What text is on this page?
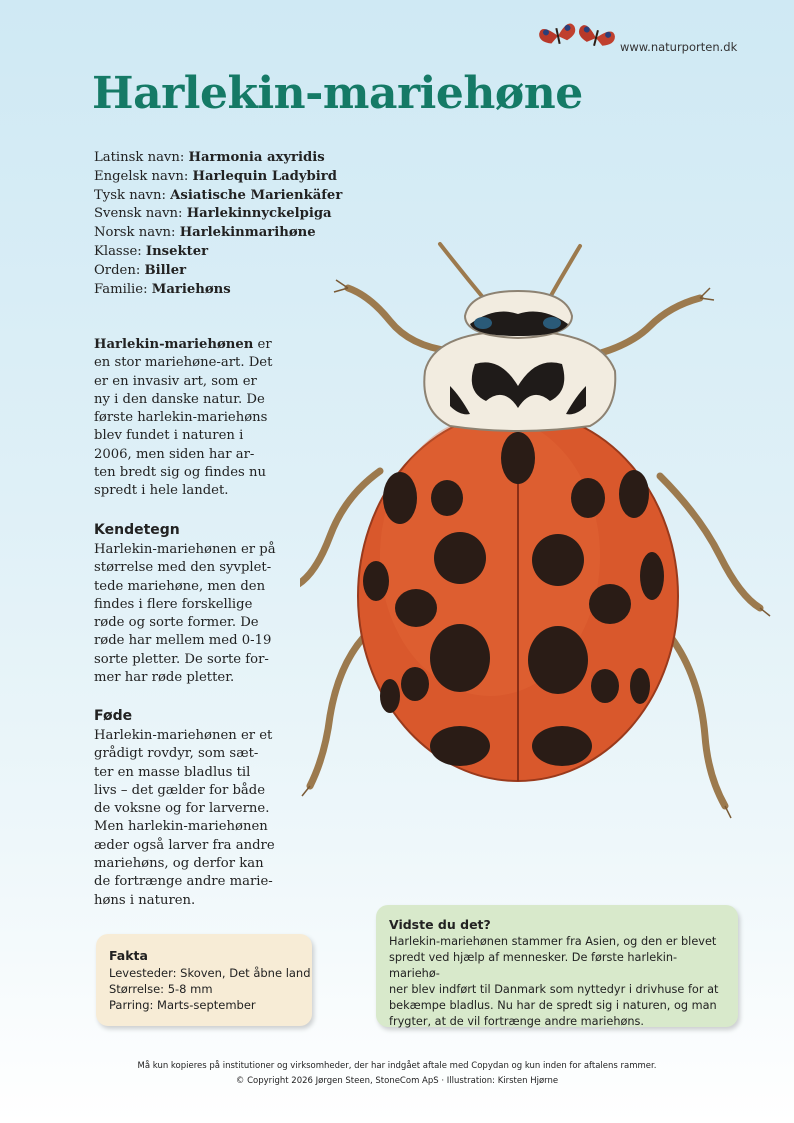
www.naturporten.dk
Harlekin-mariehøne
Latinsk navn: Harmonia axyridis
Engelsk navn: Harlequin Ladybird
Tysk navn: Asiatische Marienkäfer
Svensk navn: Harlekinnyckelpiga
Norsk navn: Harlekinmarihøne
Klasse: Insekter
Orden: Biller
Familie: Mariehøns
Harlekin-mariehønen er
en stor mariehøne-art. Det
er en invasiv art, som er
ny i den danske natur. De
første harlekin-mariehøns
blev fundet i naturen i
2006, men siden har ar-
ten bredt sig og findes nu
spredt i hele landet.
Kendetegn
Harlekin-mariehønen er på
størrelse med den syvplet-
tede mariehøne, men den
findes i flere forskellige
røde og sorte former. De
røde har mellem med 0-19
sorte pletter. De sorte for-
mer har røde pletter.
Føde
Harlekin-mariehønen er et
grådigt rovdyr, som sæt-
ter en masse bladlus til
livs – det gælder for både
de voksne og for larverne.
Men harlekin-mariehønen
æder også larver fra andre
mariehøns, og derfor kan
de fortrænge andre marie-
høns i naturen.
Fakta
Levesteder: Skoven, Det åbne land
Størrelse: 5-8 mm
Parring: Marts-september
Vidste du det?
Harlekin-mariehønen stammer fra Asien, og den er blevet
spredt ved hjælp af mennesker. De første harlekin-mariehø-
ner blev indført til Danmark som nyttedyr i drivhuse for at
bekæmpe bladlus. Nu har de spredt sig i naturen, og man
frygter, at de vil fortrænge andre mariehøns.
Må kun kopieres på institutioner og virksomheder, der har indgået aftale med Copydan og kun inden for aftalens rammer.
© Copyright 2026 Jørgen Steen, StoneCom ApS · Illustration: Kirsten Hjørne
